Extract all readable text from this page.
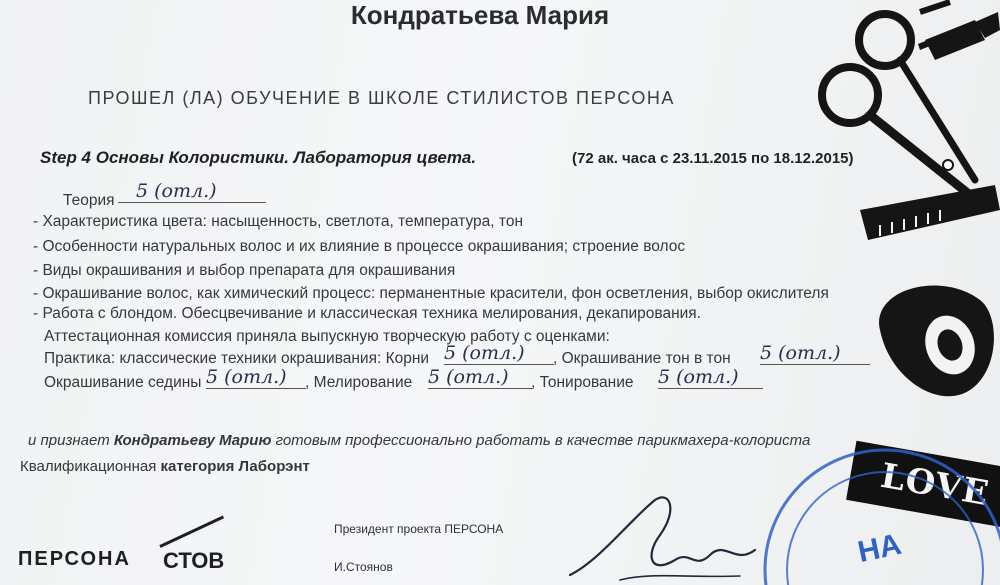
Кондратьева Мария
ПРОШЕЛ (ЛА) ОБУЧЕНИЕ В ШКОЛЕ СТИЛИСТОВ ПЕРСОНА
Step 4 Основы Колористики. Лаборатория цвета.	(72 ак. часа с 23.11.2015 по 18.12.2015)
Теория	5 (отл.)
- Характеристика цвета: насыщенность, светлота, температура, тон
- Особенности натуральных волос и их влияние в процессе окрашивания; строение волос
- Виды окрашивания и выбор препарата для окрашивания
- Окрашивание волос, как химический процесс: перманентные красители, фон осветления, выбор окислителя
- Работа с блондом. Обесцвечивание и классическая техника мелирования, декапирования.
Аттестационная комиссия приняла выпускную творческую работу с оценками:
Практика: классические техники окрашивания: Корни 5 (отл.)	, Окрашивание тон в тон 5 (отл.)
Окрашивание седины 5 (отл.)	, Мелирование 5 (отл.)	, Тонирование 5 (отл.)
и признает Кондратьеву Марию готовым профессионально работать в качестве парикмахера-колориста
Квалификационная категория Лаборэнт
Президент проекта ПЕРСОНА
И.Стоянов
ПЕРСОНА СТОВ
LOVE
НА
